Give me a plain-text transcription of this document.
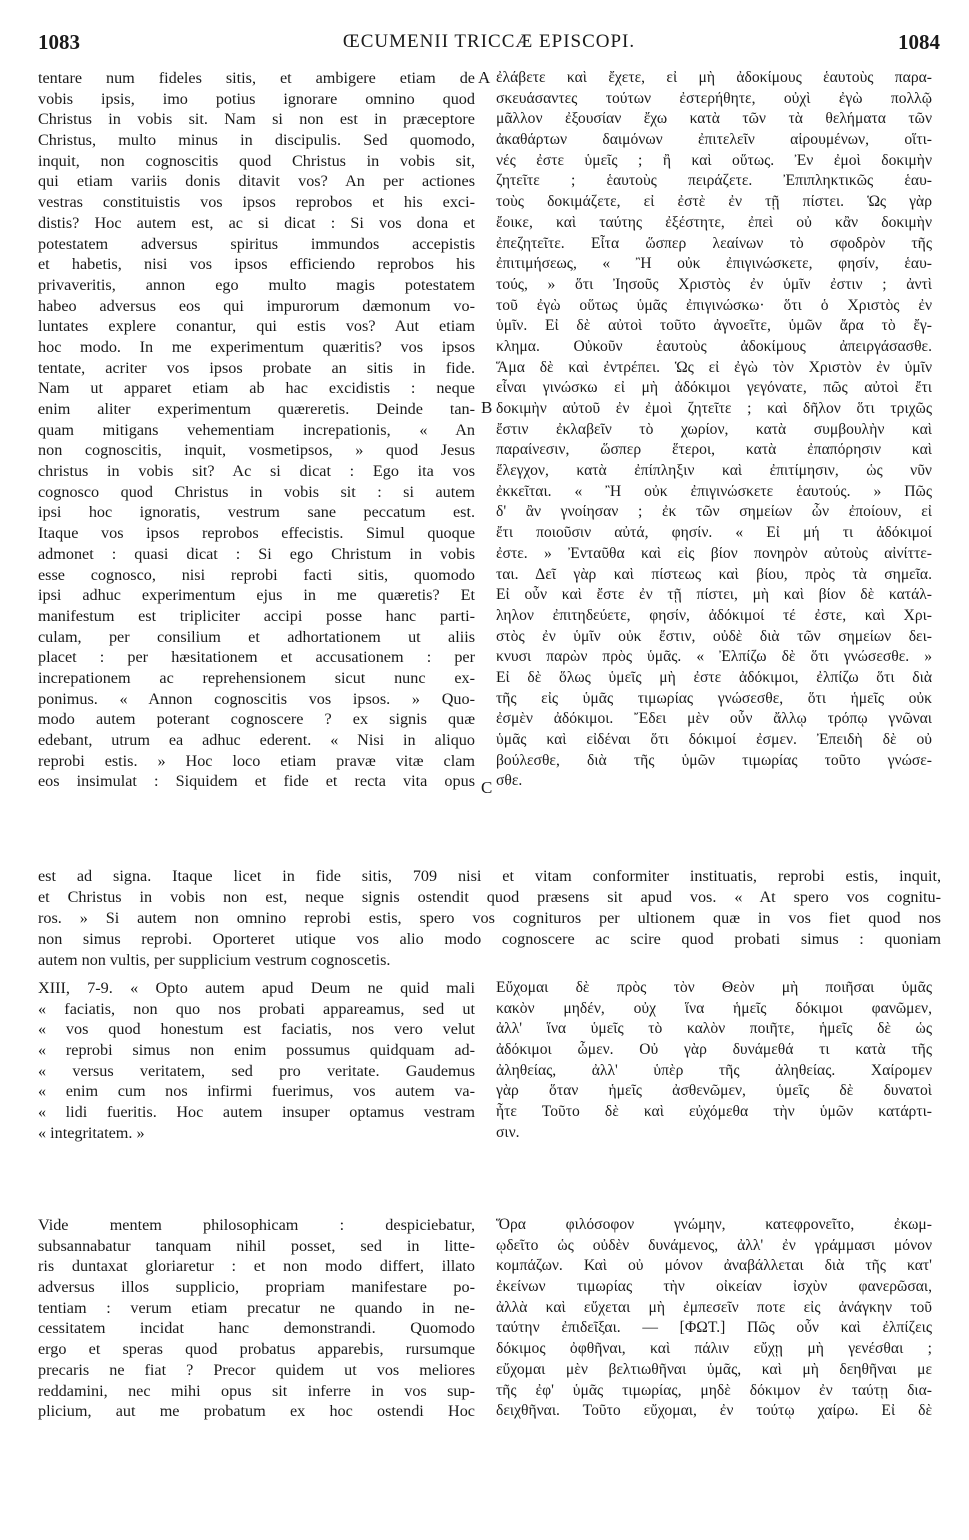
1083	ŒCUMENII TRICCÆ EPISCOPI.	1084
A
B
C
tentare num fideles sitis, et ambigere etiam de
vobis ipsis, imo potius ignorare omnino quod
Christus in vobis sit. Nam si non est in præceptore
Christus, multo minus in discipulis. Sed quomodo,
inquit, non cognoscitis quod Christus in vobis sit,
qui etiam variis donis ditavit vos? An per actiones
vestras constituistis vos ipsos reprobos et his exci-
distis? Hoc autem est, ac si dicat : Si vos dona et
potestatem adversus spiritus immundos accepistis
et habetis, nisi vos ipsos efficiendo reprobos his
privaveritis, annon ego multo magis potestatem
habeo adversus eos qui impurorum dæmonum vo-
luntates explere conantur, qui estis vos? Aut etiam
hoc modo. In me experimentum quæritis? vos ipsos
tentate, acriter vos ipsos probate an sitis in fide.
Nam ut apparet etiam ab hac excidistis : neque
enim aliter experimentum quæreretis. Deinde tan-
quam mitigans vehementiam increpationis, « An
non cognoscitis, inquit, vosmetipsos, » quod Jesus
christus in vobis sit? Ac si dicat : Ego ita vos
cognosco quod Christus in vobis sit : si autem
ipsi hoc ignoratis, vestrum sane peccatum est.
Itaque vos ipsos reprobos effecistis. Simul quoque
admonet : quasi dicat : Si ego Christum in vobis
esse cognosco, nisi reprobi facti sitis, quomodo
ipsi adhuc experimentum ejus in me quæretis? Et
manifestum est tripliciter accipi posse hanc parti-
culam, per consilium et adhortationem ut aliis
placet : per hæsitationem et accusationem : per
increpationem ac reprehensionem sicut nunc ex-
ponimus. « Annon cognoscitis vos ipsos. » Quo-
modo autem poterant cognoscere ? ex signis quæ
edebant, utrum ea adhuc ederent. « Nisi in aliquo
reprobi estis. » Hoc loco etiam pravæ vitæ clam
eos insimulat : Siquidem et fide et recta vita opus
ἐλάβετε καὶ ἔχετε, εἰ μὴ ἀδοκίμους ἑαυτοὺς παρα-
σκευάσαντες τούτων ἐστερήθητε, οὐχὶ ἐγὼ πολλῷ
μᾶλλον ἐξουσίαν ἔχω κατὰ τῶν τὰ θελήματα τῶν
ἀκαθάρτων δαιμόνων ἐπιτελεῖν αἱρουμένων, οἵτι-
νές ἐστε ὑμεῖς ; ἢ καὶ οὕτως. Ἐν ἐμοὶ δοκιμὴν
ζητεῖτε ; ἑαυτοὺς πειράζετε. Ἐπιπληκτικῶς ἑαυ-
τοὺς δοκιμάζετε, εἰ ἐστὲ ἐν τῇ πίστει. Ὡς γὰρ
ἔοικε, καὶ ταύτης ἐξέστητε, ἐπεὶ οὐ κἂν δοκιμὴν
ἐπεζητεῖτε. Εἶτα ὥσπερ λεαίνων τὸ σφοδρὸν τῆς
ἐπιτιμήσεως, « Ἢ οὐκ ἐπιγινώσκετε, φησίν, ἑαυ-
τούς, » ὅτι Ἰησοῦς Χριστὸς ἐν ὑμῖν ἐστιν ; ἀντὶ
τοῦ ἐγὼ οὕτως ὑμᾶς ἐπιγινώσκω· ὅτι ὁ Χριστὸς ἐν
ὑμῖν. Εἰ δὲ αὐτοὶ τοῦτο ἀγνοεῖτε, ὑμῶν ἄρα τὸ ἔγ-
κλημα. Οὐκοῦν ἑαυτοὺς ἀδοκίμους ἀπειργάσασθε.
Ἅμα δὲ καὶ ἐντρέπει. Ὡς εἰ ἐγὼ τὸν Χριστὸν ἐν ὑμῖν
εἶναι γινώσκω εἰ μὴ ἀδόκιμοι γεγόνατε, πῶς αὐτοὶ ἔτι
δοκιμὴν αὐτοῦ ἐν ἐμοὶ ζητεῖτε ; καὶ δῆλον ὅτι τριχῶς
ἔστιν ἐκλαβεῖν τὸ χωρίον, κατὰ συμβουλὴν καὶ
παραίνεσιν, ὥσπερ ἕτεροι, κατὰ ἐπαπόρησιν καὶ
ἔλεγχον, κατὰ ἐπίπληξιν καὶ ἐπιτίμησιν, ὡς νῦν
ἐκκεῖται. « Ἢ οὐκ ἐπιγινώσκετε ἑαυτούς. » Πῶς
δ' ἂν γνοίησαν ; ἐκ τῶν σημείων ὧν ἐποίουν, εἰ
ἔτι ποιοῦσιν αὐτά, φησίν. « Εἰ μή τι ἀδόκιμοί
ἐστε. » Ἐνταῦθα καὶ εἰς βίον πονηρὸν αὐτοὺς αἰνίττε-
ται. Δεῖ γὰρ καὶ πίστεως καὶ βίου, πρὸς τὰ σημεῖα.
Εἰ οὖν καὶ ἔστε ἐν τῇ πίστει, μὴ καὶ βίον δὲ κατάλ-
ληλον ἐπιτηδεύετε, φησίν, ἀδόκιμοί τέ ἐστε, καὶ Χρι-
στὸς ἐν ὑμῖν οὐκ ἔστιν, οὐδὲ διὰ τῶν σημείων δει-
κνυσι παρὼν πρὸς ὑμᾶς. « Ἐλπίζω δὲ ὅτι γνώσεσθε. »
Εἰ δὲ ὅλως ὑμεῖς μὴ ἐστε ἀδόκιμοι, ἐλπίζω ὅτι διὰ
τῆς εἰς ὑμᾶς τιμωρίας γνώσεσθε, ὅτι ἡμεῖς οὐκ
ἐσμὲν ἀδόκιμοι. Ἔδει μὲν οὖν ἄλλῳ τρόπῳ γνῶναι
ὑμᾶς καὶ εἰδέναι ὅτι δόκιμοί ἐσμεν. Ἐπειδὴ δὲ οὐ
βούλεσθε, διὰ τῆς ὑμῶν τιμωρίας τοῦτο γνώσε-
σθε.
est ad signa. Itaque licet in fide sitis, 709 nisi et vitam conformiter instituatis, reprobi estis, inquit,
et Christus in vobis non est, neque signis ostendit quod præsens sit apud vos. « At spero vos cognitu-
ros. » Si autem non omnino reprobi estis, spero vos cogniturοs per ultionem quæ in vos fiet quod nos
non simus reprobi. Oporteret utique vos alio modo cognoscere ac scire quod probati simus : quoniam
autem non vultis, per supplicium vestrum cognoscetis.
XIII, 7-9. « Opto autem apud Deum ne quid mali
« faciatis, non quo nos probati appareamus, sed ut
« vos quod honestum est faciatis, nos vero velut
« reprobi simus non enim possumus quidquam ad-
« versus veritatem, sed pro veritate. Gaudemus
« enim cum nos infirmi fuerimus, vos autem va-
« lidi fueritis. Hoc autem insuper optamus vestram
« integritatem. »
Εὔχομαι δὲ πρὸς τὸν Θεὸν μὴ ποιῆσαι ὑμᾶς
κακὸν μηδέν, οὐχ ἵνα ἡμεῖς δόκιμοι φανῶμεν,
ἀλλ' ἵνα ὑμεῖς τὸ καλὸν ποιῆτε, ἡμεῖς δὲ ὡς
ἀδόκιμοι ὦμεν. Οὐ γὰρ δυνάμεθά τι κατὰ τῆς
ἀληθείας, ἀλλ' ὑπὲρ τῆς ἀληθείας. Χαίρομεν
γὰρ ὅταν ἡμεῖς ἀσθενῶμεν, ὑμεῖς δὲ δυνατοὶ
ἦτε Τοῦτο δὲ καὶ εὐχόμεθα τὴν ὑμῶν κατάρτι-
σιν.
Vide mentem philosophicam : despiciebatur,
subsannabatur tanquam nihil posset, sed in litte-
ris duntaxat gloriaretur : et non modo differt, illato
adversus illos supplicio, propriam manifestare po-
tentiam : verum etiam precatur ne quando in ne-
cessitatem incidat hanc demonstrandi. Quomodo
ergo et speras quod probatus apparebis, rursumque
precaris ne fiat ? Precor quidem ut vos meliores
reddamini, nec mihi opus sit inferre in vos sup-
plicium, aut me probatum ex hoc ostendi Hoc
Ὅρα φιλόσοφον γνώμην, κατεφρονεῖτο, ἐκωμ-
ῳδεῖτο ὡς οὐδὲν δυνάμενος, ἀλλ' ἐν γράμμασι μόνον
κομπάζων. Καὶ οὐ μόνον ἀναβάλλεται διὰ τῆς κατ'
ἐκείνων τιμωρίας τὴν οἰκείαν ἰσχὺν φανερῶσαι,
ἀλλὰ καὶ εὔχεται μὴ ἐμπεσεῖν ποτε εἰς ἀνάγκην τοῦ
ταύτην ἐπιδεῖξαι. — [ΦΩΤ.] Πῶς οὖν καὶ ἐλπίζεις
δόκιμος ὀφθῆναι, καὶ πάλιν εὔχῃ μὴ γενέσθαι ;
εὔχομαι μὲν βελτιωθῆναι ὑμᾶς, καὶ μὴ δεηθῆναι με
τῆς ἐφ' ὑμᾶς τιμωρίας, μηδὲ δόκιμον ἐν ταύτῃ δια-
δειχθῆναι. Τοῦτο εὔχομαι, ἐν τούτῳ χαίρω. Εἰ δὲ
